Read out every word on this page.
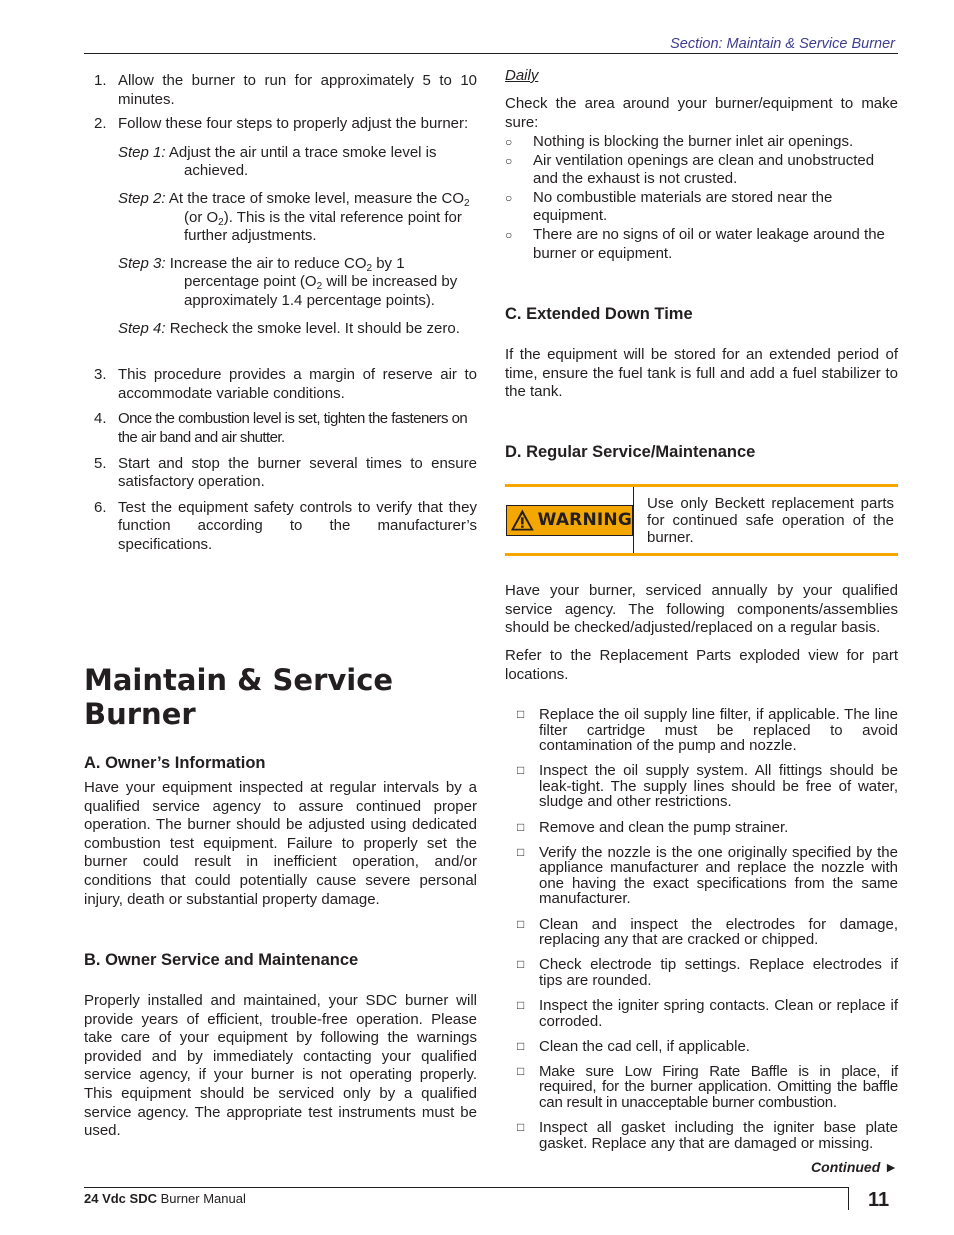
Section: Maintain & Service Burner
1. Allow the burner to run for approximately 5 to 10 minutes.
2. Follow these four steps to properly adjust the burner:
Step 1: Adjust the air until a trace smoke level is achieved.
Step 2: At the trace of smoke level, measure the $CO_2$ (or $O_2$). This is the vital reference point for further adjustments.
Step 3: Increase the air to reduce $CO_2$ by 1 percentage point ($O_2$ will be increased by approximately 1.4 percentage points).
Step 4: Recheck the smoke level. It should be zero.
3. This procedure provides a margin of reserve air to accommodate variable conditions.
4. Once the combustion level is set, tighten the fasteners on the air band and air shutter.
5. Start and stop the burner several times to ensure satisfactory operation.
6. Test the equipment safety controls to verify that they function according to the manufacturer’s specifications.
Maintain & Service
Burner
A. Owner’s Information
Have your equipment inspected at regular intervals by a qualified service agency to assure continued proper operation. The burner should be adjusted using dedicated combustion test equipment. Failure to properly set the burner could result in inefficient operation, and/or conditions that could potentially cause severe personal injury, death or substantial property damage.
B. Owner Service and Maintenance
Properly installed and maintained, your SDC burner will provide years of efficient, trouble-free operation. Please take care of your equipment by following the warnings provided and by immediately contacting your qualified service agency, if your burner is not operating properly. This equipment should be serviced only by a qualified service agency. The appropriate test instruments must be used.
Daily
Check the area around your burner/equipment to make sure:
○ Nothing is blocking the burner inlet air openings.
○ Air ventilation openings are clean and unobstructed and the exhaust is not crusted.
○ No combustible materials are stored near the equipment.
○ There are no signs of oil or water leakage around the burner or equipment.
C. Extended Down Time
If the equipment will be stored for an extended period of time, ensure the fuel tank is full and add a fuel stabilizer to the tank.
D. Regular Service/Maintenance
WARNING
Use only Beckett replacement parts for continued safe operation of the burner.
Have your burner, serviced annually by your qualified service agency. The following components/assemblies should be checked/adjusted/replaced on a regular basis.
Refer to the Replacement Parts exploded view for part locations.
□ Replace the oil supply line filter, if applicable. The line filter cartridge must be replaced to avoid contamination of the pump and nozzle.
□ Inspect the oil supply system. All fittings should be leak-tight. The supply lines should be free of water, sludge and other restrictions.
□ Remove and clean the pump strainer.
□ Verify the nozzle is the one originally specified by the appliance manufacturer and replace the nozzle with one having the exact specifications from the same manufacturer.
□ Clean and inspect the electrodes for damage, replacing any that are cracked or chipped.
□ Check electrode tip settings. Replace electrodes if tips are rounded.
□ Inspect the igniter spring contacts. Clean or replace if corroded.
□ Clean the cad cell, if applicable.
□ Make sure Low Firing Rate Baffle is in place, if required, for the burner application. Omitting the baffle can result in unacceptable burner combustion.
□ Inspect all gasket including the igniter base plate gasket. Replace any that are damaged or missing.
Continued ►
24 Vdc SDC Burner Manual	11
